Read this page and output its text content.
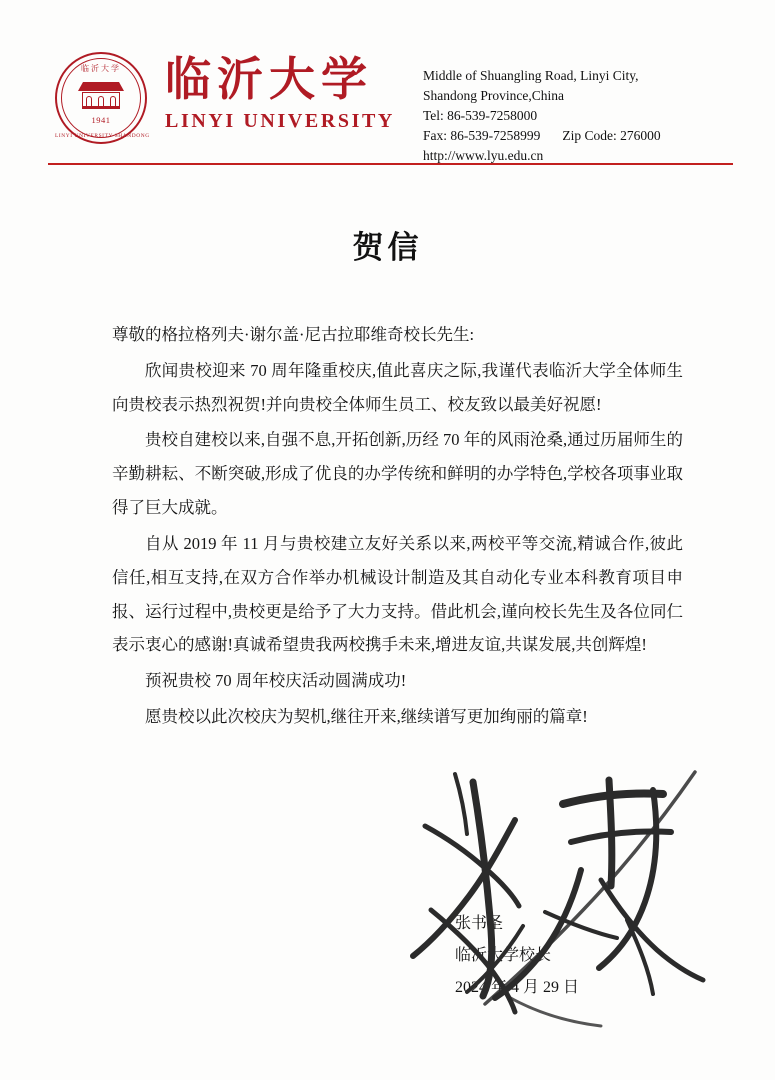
临沂大学
1941
LINYI UNIVERSITY SHANDONG
临沂大学
LINYI UNIVERSITY
Middle of Shuangling Road, Linyi City,
Shandong Province,China
Tel: 86-539-7258000
Fax: 86-539-7258999 Zip Code: 276000
http://www.lyu.edu.cn
贺信

尊敬的格拉格列夫·谢尔盖·尼古拉耶维奇校长先生:

欣闻贵校迎来 70 周年隆重校庆,值此喜庆之际,我谨代表临沂大学全体师生向贵校表示热烈祝贺!并向贵校全体师生员工、校友致以最美好祝愿!

贵校自建校以来,自强不息,开拓创新,历经 70 年的风雨沧桑,通过历届师生的辛勤耕耘、不断突破,形成了优良的办学传统和鲜明的办学特色,学校各项事业取得了巨大成就。

自从 2019 年 11 月与贵校建立友好关系以来,两校平等交流,精诚合作,彼此信任,相互支持,在双方合作举办机械设计制造及其自动化专业本科教育项目申报、运行过程中,贵校更是给予了大力支持。借此机会,谨向校长先生及各位同仁表示衷心的感谢!真诚希望贵我两校携手未来,增进友谊,共谋发展,共创辉煌!

预祝贵校 70 周年校庆活动圆满成功!

愿贵校以此次校庆为契机,继往开来,继续谱写更加绚丽的篇章!

张书圣
临沂大学校长
2024 年 4 月 29 日
